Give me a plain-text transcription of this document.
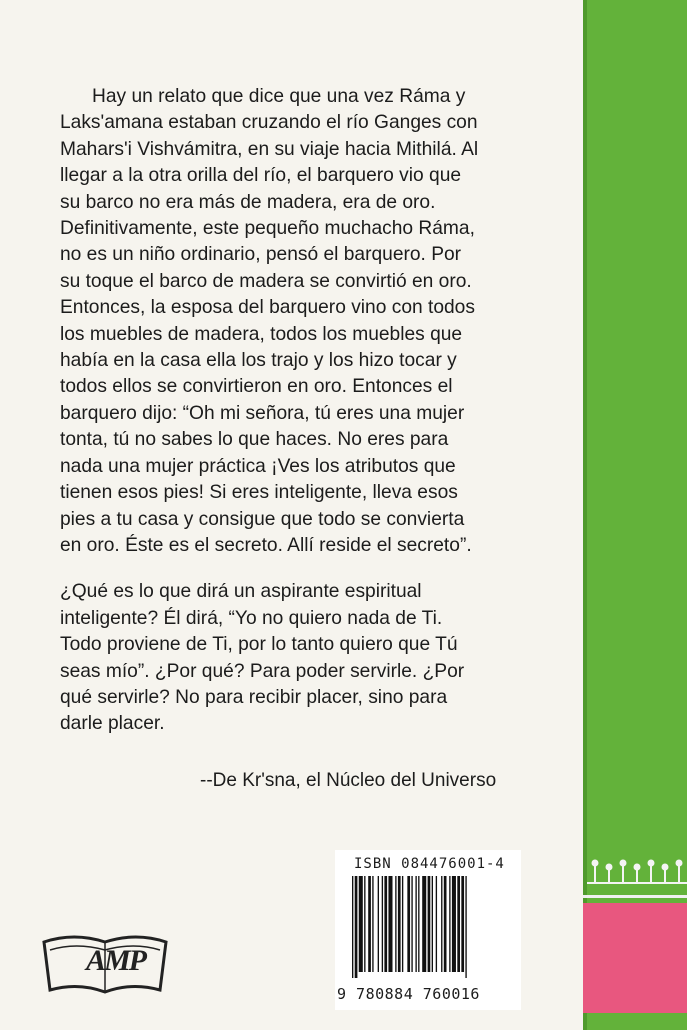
Hay un relato que dice que una vez Ráma y
Laks'amana estaban cruzando el río Ganges con
Mahars'i Vishvámitra, en su viaje hacia Mithilá. Al
llegar a la otra orilla del río, el barquero vio que
su barco no era más de madera, era de oro.
Definitivamente, este pequeño muchacho Ráma,
no es un niño ordinario, pensó el barquero. Por
su toque el barco de madera se convirtió en oro.
Entonces, la esposa del barquero vino con todos
los muebles de madera, todos los muebles que
había en la casa ella los trajo y los hizo tocar y
todos ellos se convirtieron en oro. Entonces el
barquero dijo: “Oh mi señora, tú eres una mujer
tonta, tú no sabes lo que haces. No eres para
nada una mujer práctica ¡Ves los atributos que
tienen esos pies! Si eres inteligente, lleva esos
pies a tu casa y consigue que todo se convierta
en oro. Éste es el secreto. Allí reside el secreto”.

¿Qué es lo que dirá un aspirante espiritual
inteligente? Él dirá, “Yo no quiero nada de Ti.
Todo proviene de Ti, por lo tanto quiero que Tú
seas mío”. ¿Por qué? Para poder servirle. ¿Por
qué servirle? No para recibir placer, sino para
darle placer.

--De Kr'sna, el Núcleo del Universo
ISBN 084476001-4
9 780884 760016
AMP
